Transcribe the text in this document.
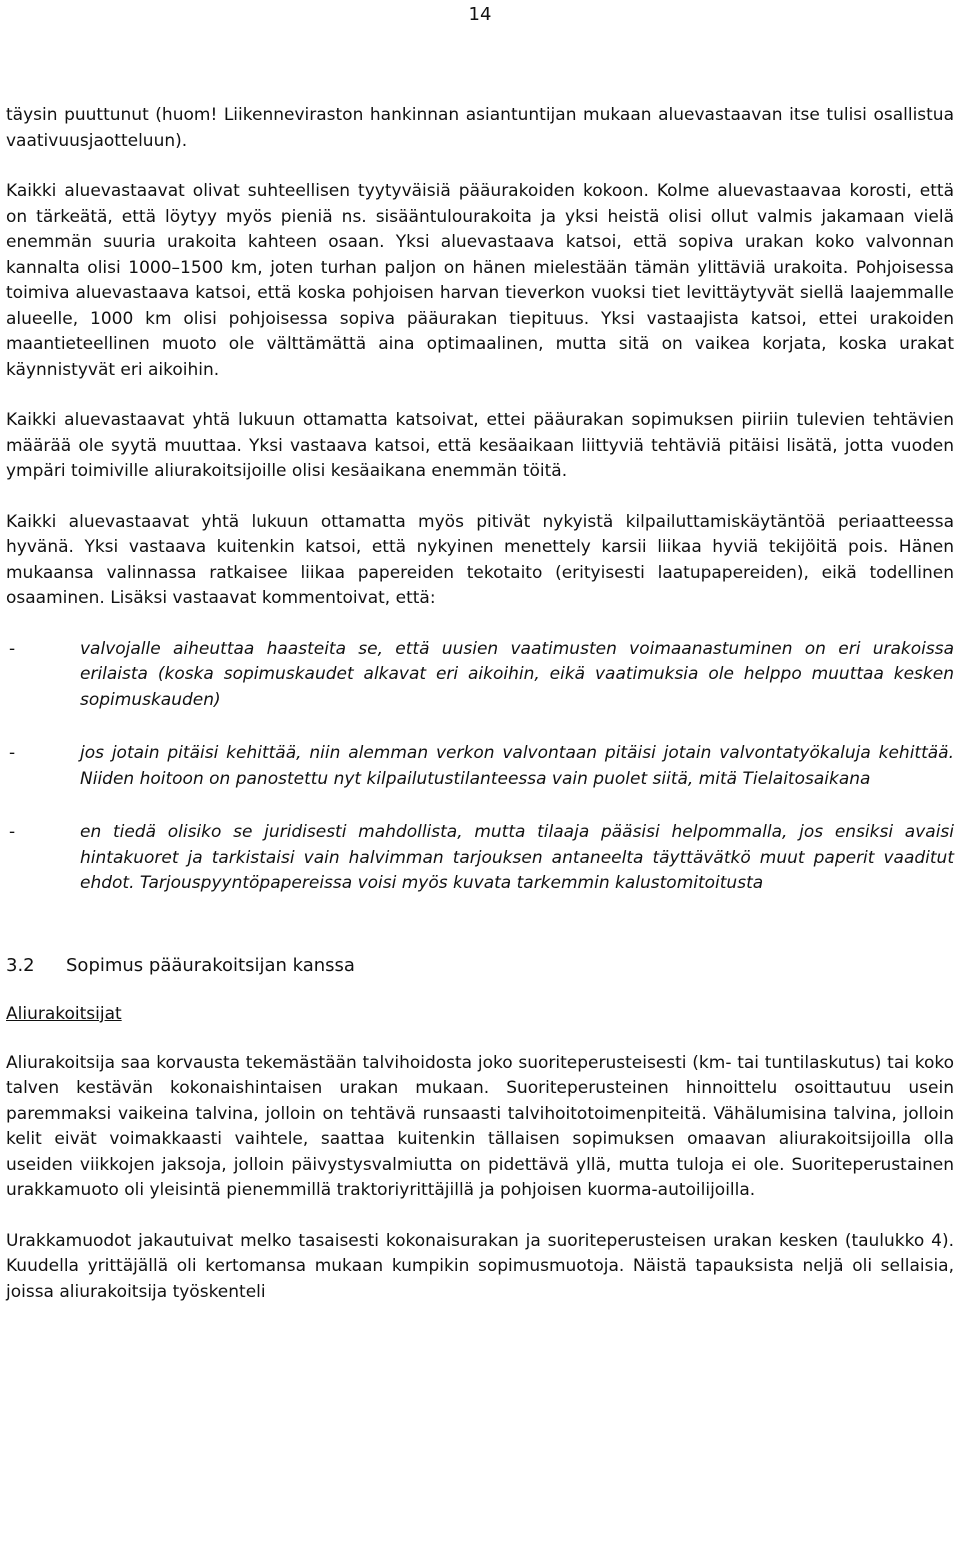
14

täysin puuttunut (huom! Liikenneviraston hankinnan asiantuntijan mukaan aluevastaavan itse tulisi osallistua vaativuusjaotteluun).

Kaikki aluevastaavat olivat suhteellisen tyytyväisiä pääurakoiden kokoon. Kolme aluevastaavaa korosti, että on tärkeätä, että löytyy myös pieniä ns. sisääntulourakoita ja yksi heistä olisi ollut valmis jakamaan vielä enemmän suuria urakoita kahteen osaan. Yksi aluevastaava katsoi, että sopiva urakan koko valvonnan kannalta olisi 1000–1500 km, joten turhan paljon on hänen mielestään tämän ylittäviä urakoita. Pohjoisessa toimiva aluevastaava katsoi, että koska pohjoisen harvan tieverkon vuoksi tiet levittäytyvät siellä laajemmalle alueelle, 1000 km olisi pohjoisessa sopiva pääurakan tiepituus. Yksi vastaajista katsoi, ettei urakoiden maantieteellinen muoto ole välttämättä aina optimaalinen, mutta sitä on vaikea korjata, koska urakat käynnistyvät eri aikoihin.

Kaikki aluevastaavat yhtä lukuun ottamatta katsoivat, ettei pääurakan sopimuksen piiriin tulevien tehtävien määrää ole syytä muuttaa. Yksi vastaava katsoi, että kesäaikaan liittyviä tehtäviä pitäisi lisätä, jotta vuoden ympäri toimiville aliurakoitsijoille olisi kesäaikana enemmän töitä.

Kaikki aluevastaavat yhtä lukuun ottamatta myös pitivät nykyistä kilpailuttamiskäytäntöä periaatteessa hyvänä. Yksi vastaava kuitenkin katsoi, että nykyinen menettely karsii liikaa hyviä tekijöitä pois. Hänen mukaansa valinnassa ratkaisee liikaa papereiden tekotaito (erityisesti laatupapereiden), eikä todellinen osaaminen. Lisäksi vastaavat kommentoivat, että:

-	valvojalle aiheuttaa haasteita se, että uusien vaatimusten voimaanastuminen on eri urakoissa erilaista (koska sopimuskaudet alkavat eri aikoihin, eikä vaatimuksia ole helppo muuttaa kesken sopimuskauden)
-	jos jotain pitäisi kehittää, niin alemman verkon valvontaan pitäisi jotain valvontatyökaluja kehittää. Niiden hoitoon on panostettu nyt kilpailutustilanteessa vain puolet siitä, mitä Tielaitosaikana
-	en tiedä olisiko se juridisesti mahdollista, mutta tilaaja pääsisi helpommalla, jos ensiksi avaisi hintakuoret ja tarkistaisi vain halvimman tarjouksen antaneelta täyttävätkö muut paperit vaaditut ehdot. Tarjouspyyntöpapereissa voisi myös kuvata tarkemmin kalustomitoitusta
3.2 Sopimus pääurakoitsijan kanssa
Aliurakoitsijat

Aliurakoitsija saa korvausta tekemästään talvihoidosta joko suoriteperusteisesti (km- tai tuntilaskutus) tai koko talven kestävän kokonaishintaisen urakan mukaan. Suoriteperusteinen hinnoittelu osoittautuu usein paremmaksi vaikeina talvina, jolloin on tehtävä runsaasti talvihoitotoimenpiteitä. Vähälumisina talvina, jolloin kelit eivät voimakkaasti vaihtele, saattaa kuitenkin tällaisen sopimuksen omaavan aliurakoitsijoilla olla useiden viikkojen jaksoja, jolloin päivystysvalmiutta on pidettävä yllä, mutta tuloja ei ole. Suoriteperustainen urakkamuoto oli yleisintä pienemmillä traktoriyrittäjillä ja pohjoisen kuorma-autoilijoilla.

Urakkamuodot jakautuivat melko tasaisesti kokonaisurakan ja suoriteperusteisen urakan kesken (taulukko 4). Kuudella yrittäjällä oli kertomansa mukaan kumpikin sopimusmuotoja. Näistä tapauksista neljä oli sellaisia, joissa aliurakoitsija työskenteli
